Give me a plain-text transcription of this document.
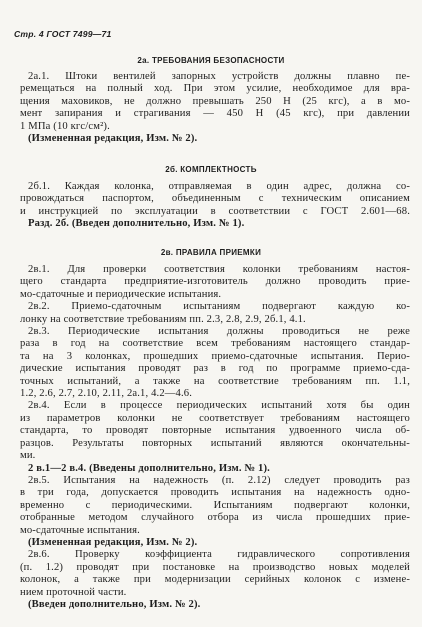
Стр. 4 ГОСТ 7499—71
2а. ТРЕБОВАНИЯ БЕЗОПАСНОСТИ
2а.1. Штоки вентилей запорных устройств должны плавно пе-
ремещаться на полный ход. При этом усилие, необходимое для вра-
щения маховиков, не должно превышать 250 Н (25 кгс), а в мо-
мент запирания и страгивания — 450 Н (45 кгс), при давлении
1 МПа (10 кгс/см²).
(Измененная редакция, Изм. № 2).
2б. КОМПЛЕКТНОСТЬ
2б.1. Каждая колонка, отправляемая в один адрес, должна со-
провождаться паспортом, объединенным с техническим описанием
и инструкцией по эксплуатации в соответствии с ГОСТ 2.601—68.
Разд. 2б. (Введен дополнительно, Изм. № 1).
2в. ПРАВИЛА ПРИЕМКИ
2в.1. Для проверки соответствия колонки требованиям настоя-
щего стандарта предприятие-изготовитель должно проводить прие-
мо-сдаточные и периодические испытания.
2в.2. Приемо-сдаточным испытаниям подвергают каждую ко-
лонку на соответствие требованиям пп. 2.3, 2.8, 2.9, 2б.1, 4.1.
2в.3. Периодические испытания должны проводиться не реже
раза в год на соответствие всем требованиям настоящего стандар-
та на 3 колонках, прошедших приемо-сдаточные испытания. Перио-
дические испытания проводят раз в год по программе приемо-сда-
точных испытаний, а также на соответствие требованиям пп. 1.1,
1.2, 2.6, 2.7, 2.10, 2.11, 2а.1, 4.2—4.6.
2в.4. Если в процессе периодических испытаний хотя бы один
из параметров колонки не соответствует требованиям настоящего
стандарта, то проводят повторные испытания удвоенного числа об-
разцов. Результаты повторных испытаний являются окончательны-
ми.
2 в.1—2 в.4. (Введены дополнительно, Изм. № 1).
2в.5. Испытания на надежность (п. 2.12) следует проводить раз
в три года, допускается проводить испытания на надежность одно-
временно с периодическими. Испытаниям подвергают колонки,
отобранные методом случайного отбора из числа прошедших прие-
мо-сдаточные испытания.
(Измененная редакция, Изм. № 2).
2в.6. Проверку коэффициента гидравлического сопротивления
(п. 1.2) проводят при постановке на производство новых моделей
колонок, а также при модернизации серийных колонок с измене-
нием проточной части.
(Введен дополнительно, Изм. № 2).
